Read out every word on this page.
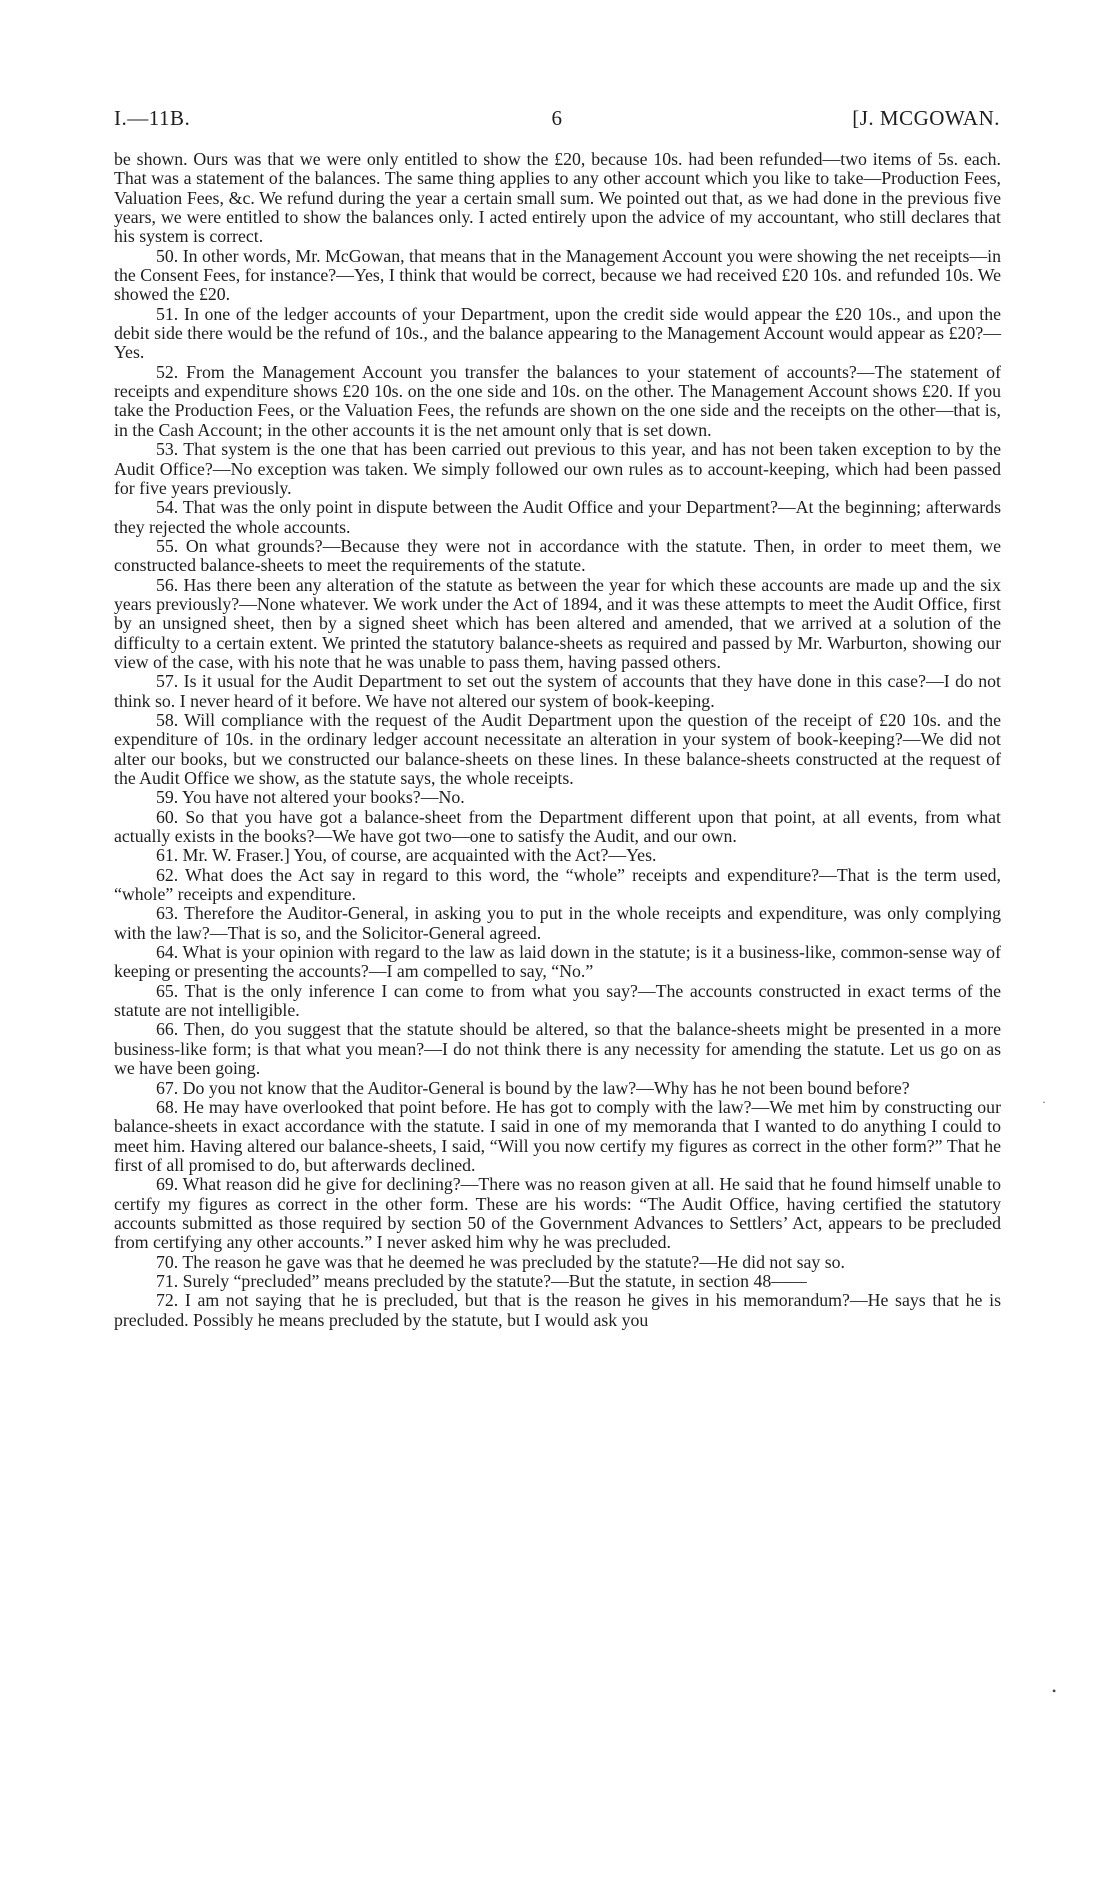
I.—11B.	6	[J. MCGOWAN.

be shown. Ours was that we were only entitled to show the £20, because 10s. had been refunded—two items of 5s. each. That was a statement of the balances. The same thing applies to any other account which you like to take—Production Fees, Valuation Fees, &c. We refund during the year a certain small sum. We pointed out that, as we had done in the previous five years, we were entitled to show the balances only. I acted entirely upon the advice of my accountant, who still declares that his system is correct.

50. In other words, Mr. McGowan, that means that in the Management Account you were showing the net receipts—in the Consent Fees, for instance?—Yes, I think that would be correct, because we had received £20 10s. and refunded 10s. We showed the £20.

51. In one of the ledger accounts of your Department, upon the credit side would appear the £20 10s., and upon the debit side there would be the refund of 10s., and the balance appearing to the Management Account would appear as £20?—Yes.

52. From the Management Account you transfer the balances to your statement of accounts?—The statement of receipts and expenditure shows £20 10s. on the one side and 10s. on the other. The Management Account shows £20. If you take the Production Fees, or the Valuation Fees, the refunds are shown on the one side and the receipts on the other—that is, in the Cash Account; in the other accounts it is the net amount only that is set down.

53. That system is the one that has been carried out previous to this year, and has not been taken exception to by the Audit Office?—No exception was taken. We simply followed our own rules as to account-keeping, which had been passed for five years previously.

54. That was the only point in dispute between the Audit Office and your Department?—At the beginning; afterwards they rejected the whole accounts.

55. On what grounds?—Because they were not in accordance with the statute. Then, in order to meet them, we constructed balance-sheets to meet the requirements of the statute.

56. Has there been any alteration of the statute as between the year for which these accounts are made up and the six years previously?—None whatever. We work under the Act of 1894, and it was these attempts to meet the Audit Office, first by an unsigned sheet, then by a signed sheet which has been altered and amended, that we arrived at a solution of the difficulty to a certain extent. We printed the statutory balance-sheets as required and passed by Mr. Warburton, showing our view of the case, with his note that he was unable to pass them, having passed others.

57. Is it usual for the Audit Department to set out the system of accounts that they have done in this case?—I do not think so. I never heard of it before. We have not altered our system of book-keeping.

58. Will compliance with the request of the Audit Department upon the question of the receipt of £20 10s. and the expenditure of 10s. in the ordinary ledger account necessitate an alteration in your system of book-keeping?—We did not alter our books, but we constructed our balance-sheets on these lines. In these balance-sheets constructed at the request of the Audit Office we show, as the statute says, the whole receipts.

59. You have not altered your books?—No.

60. So that you have got a balance-sheet from the Department different upon that point, at all events, from what actually exists in the books?—We have got two—one to satisfy the Audit, and our own.

61. Mr. W. Fraser.] You, of course, are acquainted with the Act?—Yes.

62. What does the Act say in regard to this word, the “whole” receipts and expenditure?—That is the term used, “whole” receipts and expenditure.

63. Therefore the Auditor-General, in asking you to put in the whole receipts and expenditure, was only complying with the law?—That is so, and the Solicitor-General agreed.

64. What is your opinion with regard to the law as laid down in the statute; is it a business-like, common-sense way of keeping or presenting the accounts?—I am compelled to say, “No.”

65. That is the only inference I can come to from what you say?—The accounts constructed in exact terms of the statute are not intelligible.

66. Then, do you suggest that the statute should be altered, so that the balance-sheets might be presented in a more business-like form; is that what you mean?—I do not think there is any necessity for amending the statute. Let us go on as we have been going.

67. Do you not know that the Auditor-General is bound by the law?—Why has he not been bound before?

68. He may have overlooked that point before. He has got to comply with the law?—We met him by constructing our balance-sheets in exact accordance with the statute. I said in one of my memoranda that I wanted to do anything I could to meet him. Having altered our balance-sheets, I said, “Will you now certify my figures as correct in the other form?” That he first of all promised to do, but afterwards declined.

69. What reason did he give for declining?—There was no reason given at all. He said that he found himself unable to certify my figures as correct in the other form. These are his words: “The Audit Office, having certified the statutory accounts submitted as those required by section 50 of the Government Advances to Settlers’ Act, appears to be precluded from certifying any other accounts.” I never asked him why he was precluded.

70. The reason he gave was that he deemed he was precluded by the statute?—He did not say so.

71. Surely “precluded” means precluded by the statute?—But the statute, in section 48——

72. I am not saying that he is precluded, but that is the reason he gives in his memorandum?—He says that he is precluded. Possibly he means precluded by the statute, but I would ask you

·
•
